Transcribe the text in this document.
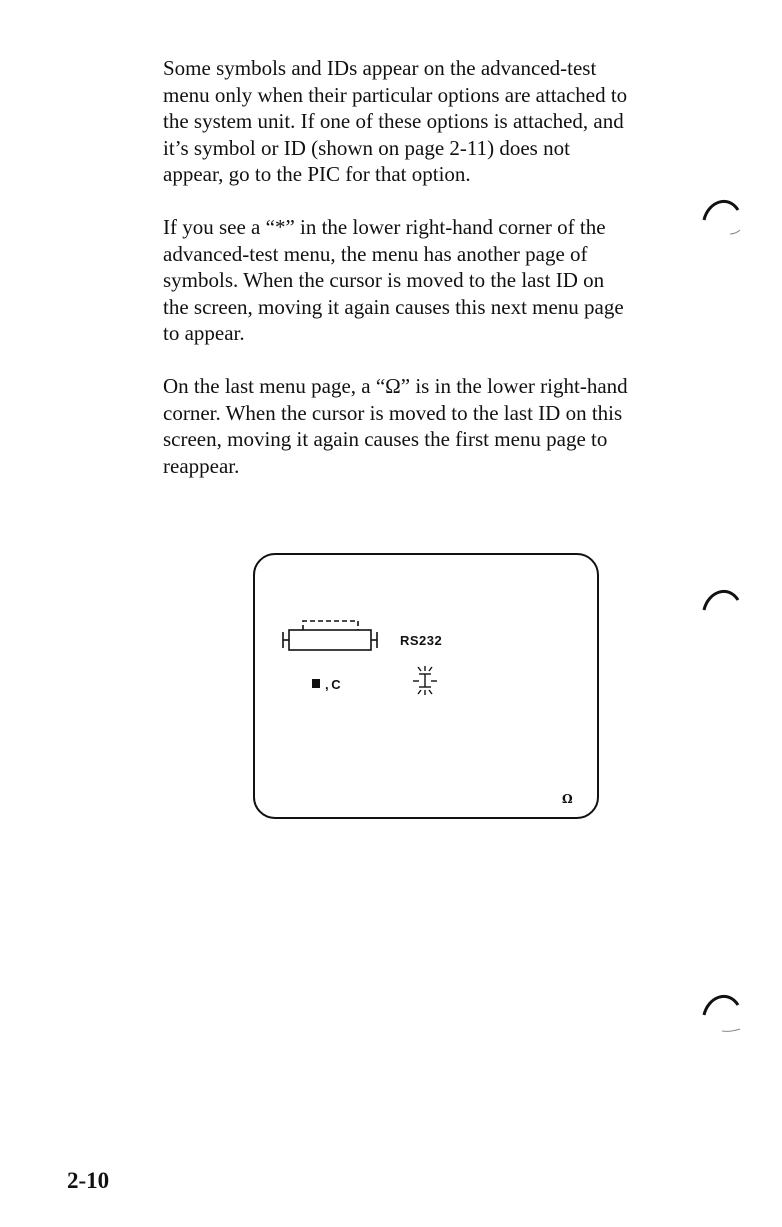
Some symbols and IDs appear on the advanced-test
menu only when their particular options are attached to
the system unit. If one of these options is attached, and
it’s symbol or ID (shown on page 2-11) does not
appear, go to the PIC for that option.

If you see a “*” in the lower right-hand corner of the
advanced-test menu, the menu has another page of
symbols. When the cursor is moved to the last ID on
the screen, moving it again causes this next menu page
to appear.

On the last menu page, a “Ω” is in the lower right-hand
corner. When the cursor is moved to the last ID on this
screen, moving it again causes the first menu page to
reappear.

RS232
, C
Ω
2-10
